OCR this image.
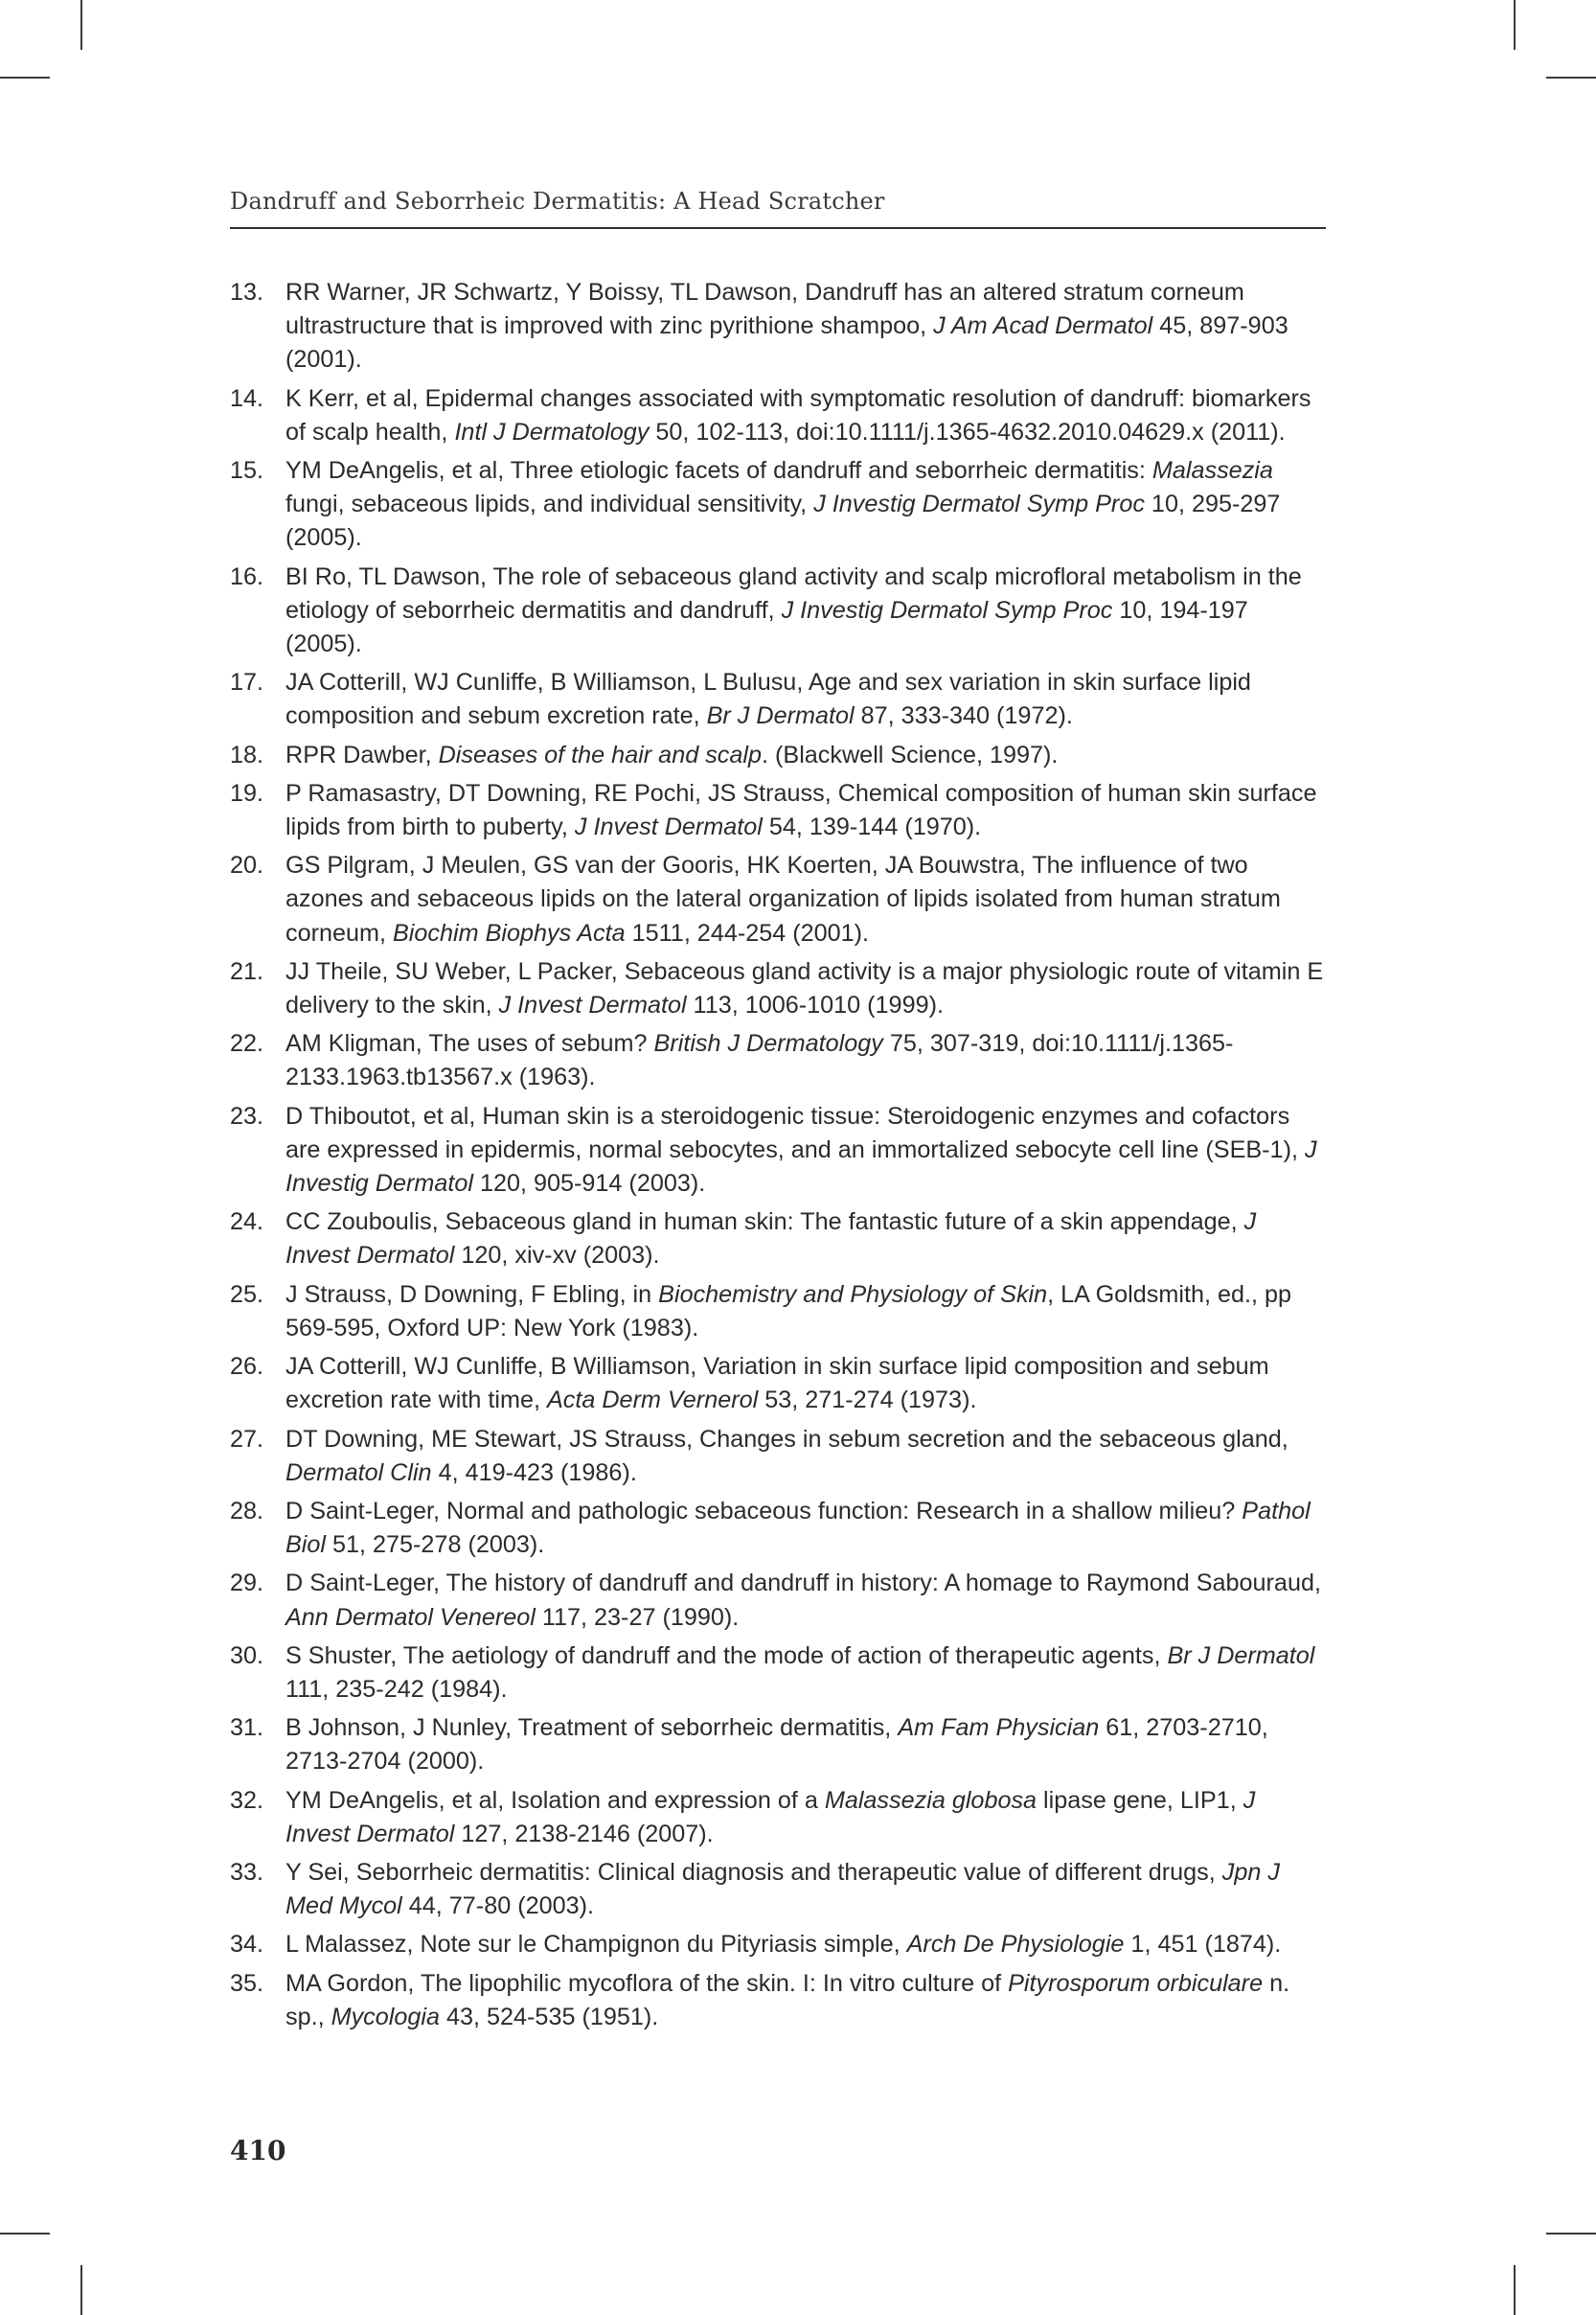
Dandruff and Seborrheic Dermatitis: A Head Scratcher
13. RR Warner, JR Schwartz, Y Boissy, TL Dawson, Dandruff has an altered stratum corneum ultrastructure that is improved with zinc pyrithione shampoo, J Am Acad Dermatol 45, 897-903 (2001).
14. K Kerr, et al, Epidermal changes associated with symptomatic resolution of dandruff: biomarkers of scalp health, Intl J Dermatology 50, 102-113, doi:10.1111/j.1365-4632.2010.04629.x (2011).
15. YM DeAngelis, et al, Three etiologic facets of dandruff and seborrheic dermatitis: Malassezia fungi, sebaceous lipids, and individual sensitivity, J Investig Dermatol Symp Proc 10, 295-297 (2005).
16. BI Ro, TL Dawson, The role of sebaceous gland activity and scalp microfloral metabolism in the etiology of seborrheic dermatitis and dandruff, J Investig Dermatol Symp Proc 10, 194-197 (2005).
17. JA Cotterill, WJ Cunliffe, B Williamson, L Bulusu, Age and sex variation in skin surface lipid composition and sebum excretion rate, Br J Dermatol 87, 333-340 (1972).
18. RPR Dawber, Diseases of the hair and scalp. (Blackwell Science, 1997).
19. P Ramasastry, DT Downing, RE Pochi, JS Strauss, Chemical composition of human skin surface lipids from birth to puberty, J Invest Dermatol 54, 139-144 (1970).
20. GS Pilgram, J Meulen, GS van der Gooris, HK Koerten, JA Bouwstra, The influence of two azones and sebaceous lipids on the lateral organization of lipids isolated from human stratum corneum, Biochim Biophys Acta 1511, 244-254 (2001).
21. JJ Theile, SU Weber, L Packer, Sebaceous gland activity is a major physiologic route of vitamin E delivery to the skin, J Invest Dermatol 113, 1006-1010 (1999).
22. AM Kligman, The uses of sebum? British J Dermatology 75, 307-319, doi:10.1111/j.1365-2133.1963.tb13567.x (1963).
23. D Thiboutot, et al, Human skin is a steroidogenic tissue: Steroidogenic enzymes and cofactors are expressed in epidermis, normal sebocytes, and an immortalized sebocyte cell line (SEB-1), J Investig Dermatol 120, 905-914 (2003).
24. CC Zouboulis, Sebaceous gland in human skin: The fantastic future of a skin appendage, J Invest Dermatol 120, xiv-xv (2003).
25. J Strauss, D Downing, F Ebling, in Biochemistry and Physiology of Skin, LA Goldsmith, ed., pp 569-595, Oxford UP: New York (1983).
26. JA Cotterill, WJ Cunliffe, B Williamson, Variation in skin surface lipid composition and sebum excretion rate with time, Acta Derm Vernerol 53, 271-274 (1973).
27. DT Downing, ME Stewart, JS Strauss, Changes in sebum secretion and the sebaceous gland, Dermatol Clin 4, 419-423 (1986).
28. D Saint-Leger, Normal and pathologic sebaceous function: Research in a shallow milieu? Pathol Biol 51, 275-278 (2003).
29. D Saint-Leger, The history of dandruff and dandruff in history: A homage to Raymond Sabouraud, Ann Dermatol Venereol 117, 23-27 (1990).
30. S Shuster, The aetiology of dandruff and the mode of action of therapeutic agents, Br J Dermatol 111, 235-242 (1984).
31. B Johnson, J Nunley, Treatment of seborrheic dermatitis, Am Fam Physician 61, 2703-2710, 2713-2704 (2000).
32. YM DeAngelis, et al, Isolation and expression of a Malassezia globosa lipase gene, LIP1, J Invest Dermatol 127, 2138-2146 (2007).
33. Y Sei, Seborrheic dermatitis: Clinical diagnosis and therapeutic value of different drugs, Jpn J Med Mycol 44, 77-80 (2003).
34. L Malassez, Note sur le Champignon du Pityriasis simple, Arch De Physiologie 1, 451 (1874).
35. MA Gordon, The lipophilic mycoflora of the skin. I: In vitro culture of Pityrosporum orbiculare n. sp., Mycologia 43, 524-535 (1951).
410
